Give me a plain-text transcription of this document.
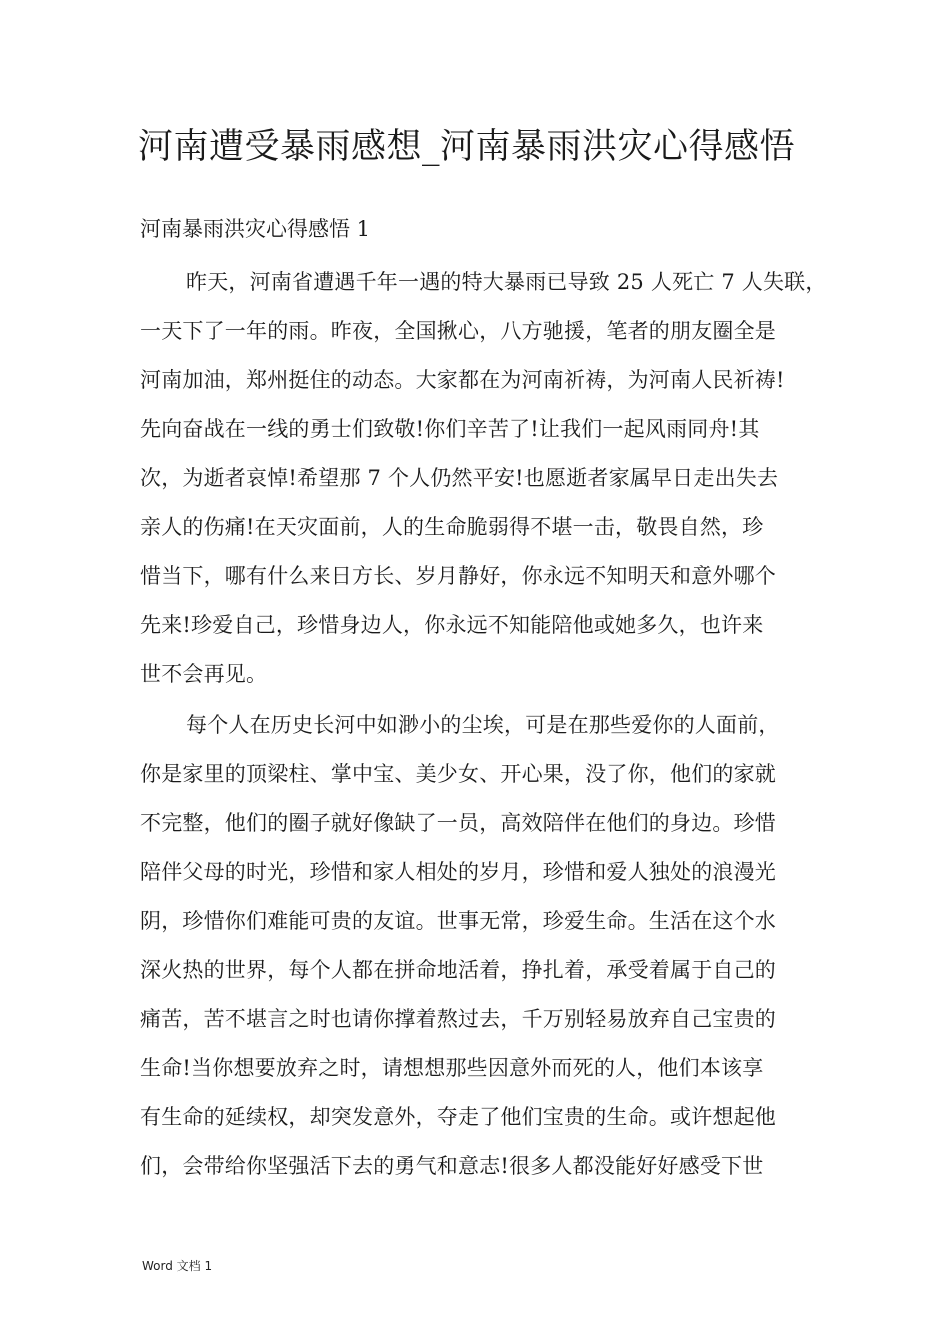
河南遭受暴雨感想_河南暴雨洪灾心得感悟
河南暴雨洪灾心得感悟 1
昨天，河南省遭遇千年一遇的特大暴雨已导致 25 人死亡 7 人失联，
一天下了一年的雨。昨夜，全国揪心，八方驰援，笔者的朋友圈全是
河南加油，郑州挺住的动态。大家都在为河南祈祷，为河南人民祈祷!
先向奋战在一线的勇士们致敬!你们辛苦了!让我们一起风雨同舟!其
次，为逝者哀悼!希望那 7 个人仍然平安!也愿逝者家属早日走出失去
亲人的伤痛!在天灾面前，人的生命脆弱得不堪一击，敬畏自然，珍
惜当下，哪有什么来日方长、岁月静好，你永远不知明天和意外哪个
先来!珍爱自己，珍惜身边人，你永远不知能陪他或她多久，也许来
世不会再见。
每个人在历史长河中如渺小的尘埃，可是在那些爱你的人面前，
你是家里的顶梁柱、掌中宝、美少女、开心果，没了你，他们的家就
不完整，他们的圈子就好像缺了一员，高效陪伴在他们的身边。珍惜
陪伴父母的时光，珍惜和家人相处的岁月，珍惜和爱人独处的浪漫光
阴，珍惜你们难能可贵的友谊。世事无常，珍爱生命。生活在这个水
深火热的世界，每个人都在拼命地活着，挣扎着，承受着属于自己的
痛苦，苦不堪言之时也请你撑着熬过去，千万别轻易放弃自己宝贵的
生命!当你想要放弃之时，请想想那些因意外而死的人，他们本该享
有生命的延续权，却突发意外，夺走了他们宝贵的生命。或许想起他
们，会带给你坚强活下去的勇气和意志!很多人都没能好好感受下世
Word 文档 1
